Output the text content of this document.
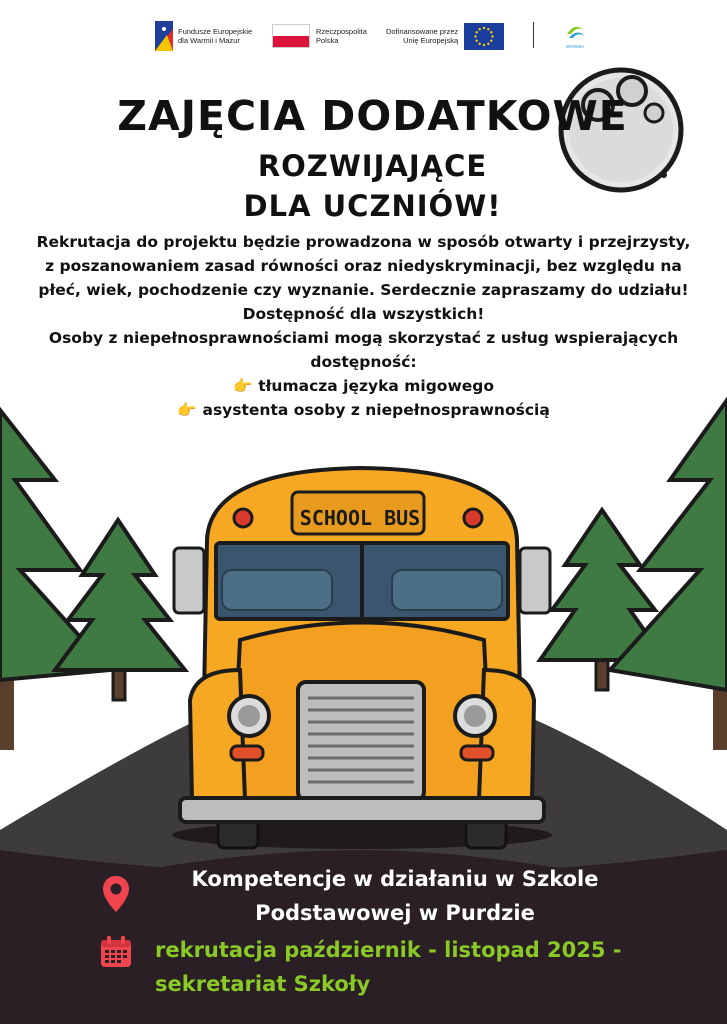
Fundusze Europejskie
dla Warmii i Mazur
Rzeczpospolita
Polska
Dofinansowane przez
Unię Europejską
WARMIA
ZAJĘCIA DODATKOWE
ROZWIJAJĄCE
DLA UCZNIÓW!

Rekrutacja do projektu będzie prowadzona w sposób otwarty i przejrzysty,

z poszanowaniem zasad równości oraz niedyskryminacji, bez względu na

płeć, wiek, pochodzenie czy wyznanie. Serdecznie zapraszamy do udziału!

Dostępność dla wszystkich!

Osoby z niepełnosprawnościami mogą skorzystać z usług wspierających

dostępność:

👉 tłumacza języka migowego

👉 asystenta osoby z niepełnosprawnością

SCHOOL BUS
Kompetencje w działaniu w Szkole
Podstawowej w Purdzie
rekrutacja październik - listopad 2025 -
sekretariat Szkoły
